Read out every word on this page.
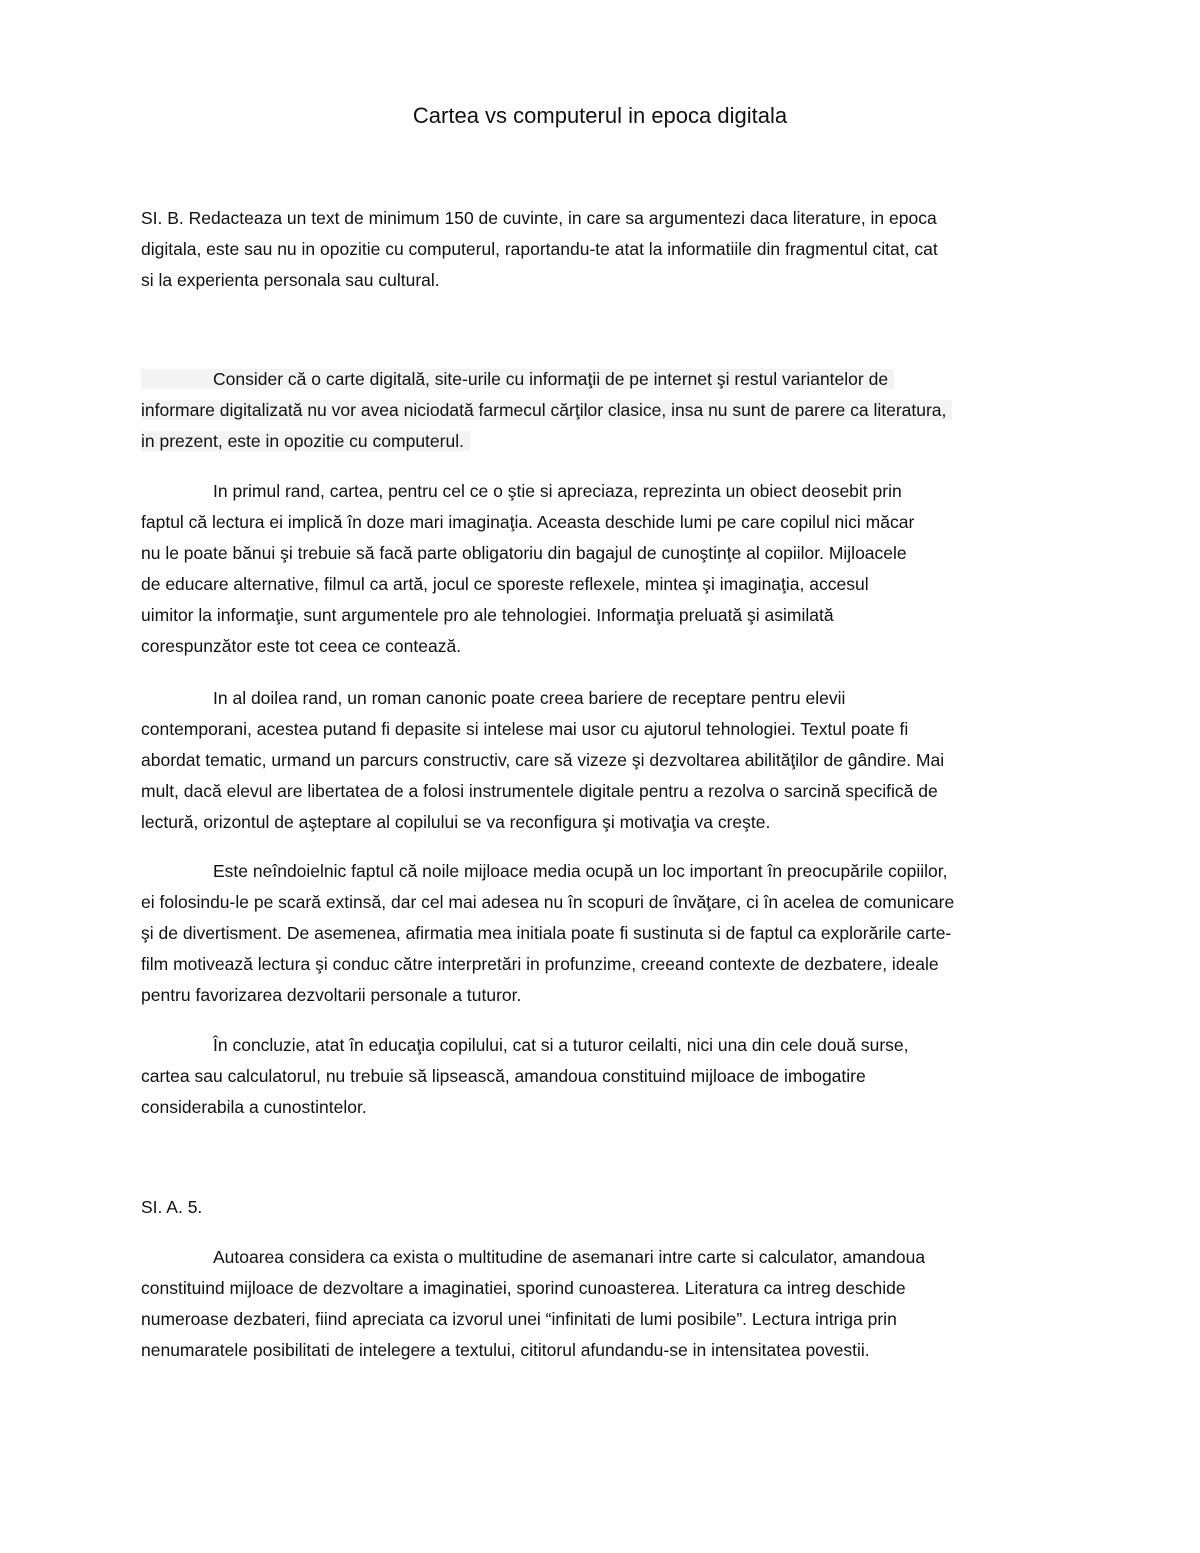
Cartea vs computerul in epoca digitala
SI. B. Redacteaza un text de minimum 150 de cuvinte, in care sa argumentezi daca literature, in epoca
digitala, este sau nu in opozitie cu computerul, raportandu-te atat la informatiile din fragmentul citat, cat
si la experienta personala sau cultural.
Consider că o carte digitală, site-urile cu informaţii de pe internet şi restul variantelor de
informare digitalizată nu vor avea niciodată farmecul cărţilor clasice, insa nu sunt de parere ca literatura,
in prezent, este in opozitie cu computerul.
In primul rand, cartea, pentru cel ce o ştie si apreciaza, reprezinta un obiect deosebit prin
faptul că lectura ei implică în doze mari imaginaţia. Aceasta deschide lumi pe care copilul nici măcar
nu le poate bănui şi trebuie să facă parte obligatoriu din bagajul de cunoştinţe al copiilor. Mijloacele
de educare alternative, filmul ca artă, jocul ce sporeste reflexele, mintea şi imaginaţia, accesul
uimitor la informaţie, sunt argumentele pro ale tehnologiei. Informaţia preluată şi asimilată
corespunzător este tot ceea ce contează.
In al doilea rand, un roman canonic poate creea bariere de receptare pentru elevii
contemporani, acestea putand fi depasite si intelese mai usor cu ajutorul tehnologiei. Textul poate fi
abordat tematic, urmand un parcurs constructiv, care să vizeze şi dezvoltarea abilităţilor de gândire. Mai
mult, dacă elevul are libertatea de a folosi instrumentele digitale pentru a rezolva o sarcină specifică de
lectură, orizontul de aşteptare al copilului se va reconfigura şi motivaţia va creşte.
Este neîndoielnic faptul că noile mijloace media ocupă un loc important în preocupările copiilor,
ei folosindu-le pe scară extinsă, dar cel mai adesea nu în scopuri de învăţare, ci în acelea de comunicare
şi de divertisment. De asemenea, afirmatia mea initiala poate fi sustinuta si de faptul ca explorările carte-
film motivează lectura şi conduc către interpretări in profunzime, creeand contexte de dezbatere, ideale
pentru favorizarea dezvoltarii personale a tuturor.
În concluzie, atat în educaţia copilului, cat si a tuturor ceilalti, nici una din cele două surse,
cartea sau calculatorul, nu trebuie să lipsească, amandoua constituind mijloace de imbogatire
considerabila a cunostintelor.
SI. A. 5.
Autoarea considera ca exista o multitudine de asemanari intre carte si calculator, amandoua
constituind mijloace de dezvoltare a imaginatiei, sporind cunoasterea. Literatura ca intreg deschide
numeroase dezbateri, fiind apreciata ca izvorul unei “infinitati de lumi posibile”. Lectura intriga prin
nenumaratele posibilitati de intelegere a textului, cititorul afundandu-se in intensitatea povestii.
